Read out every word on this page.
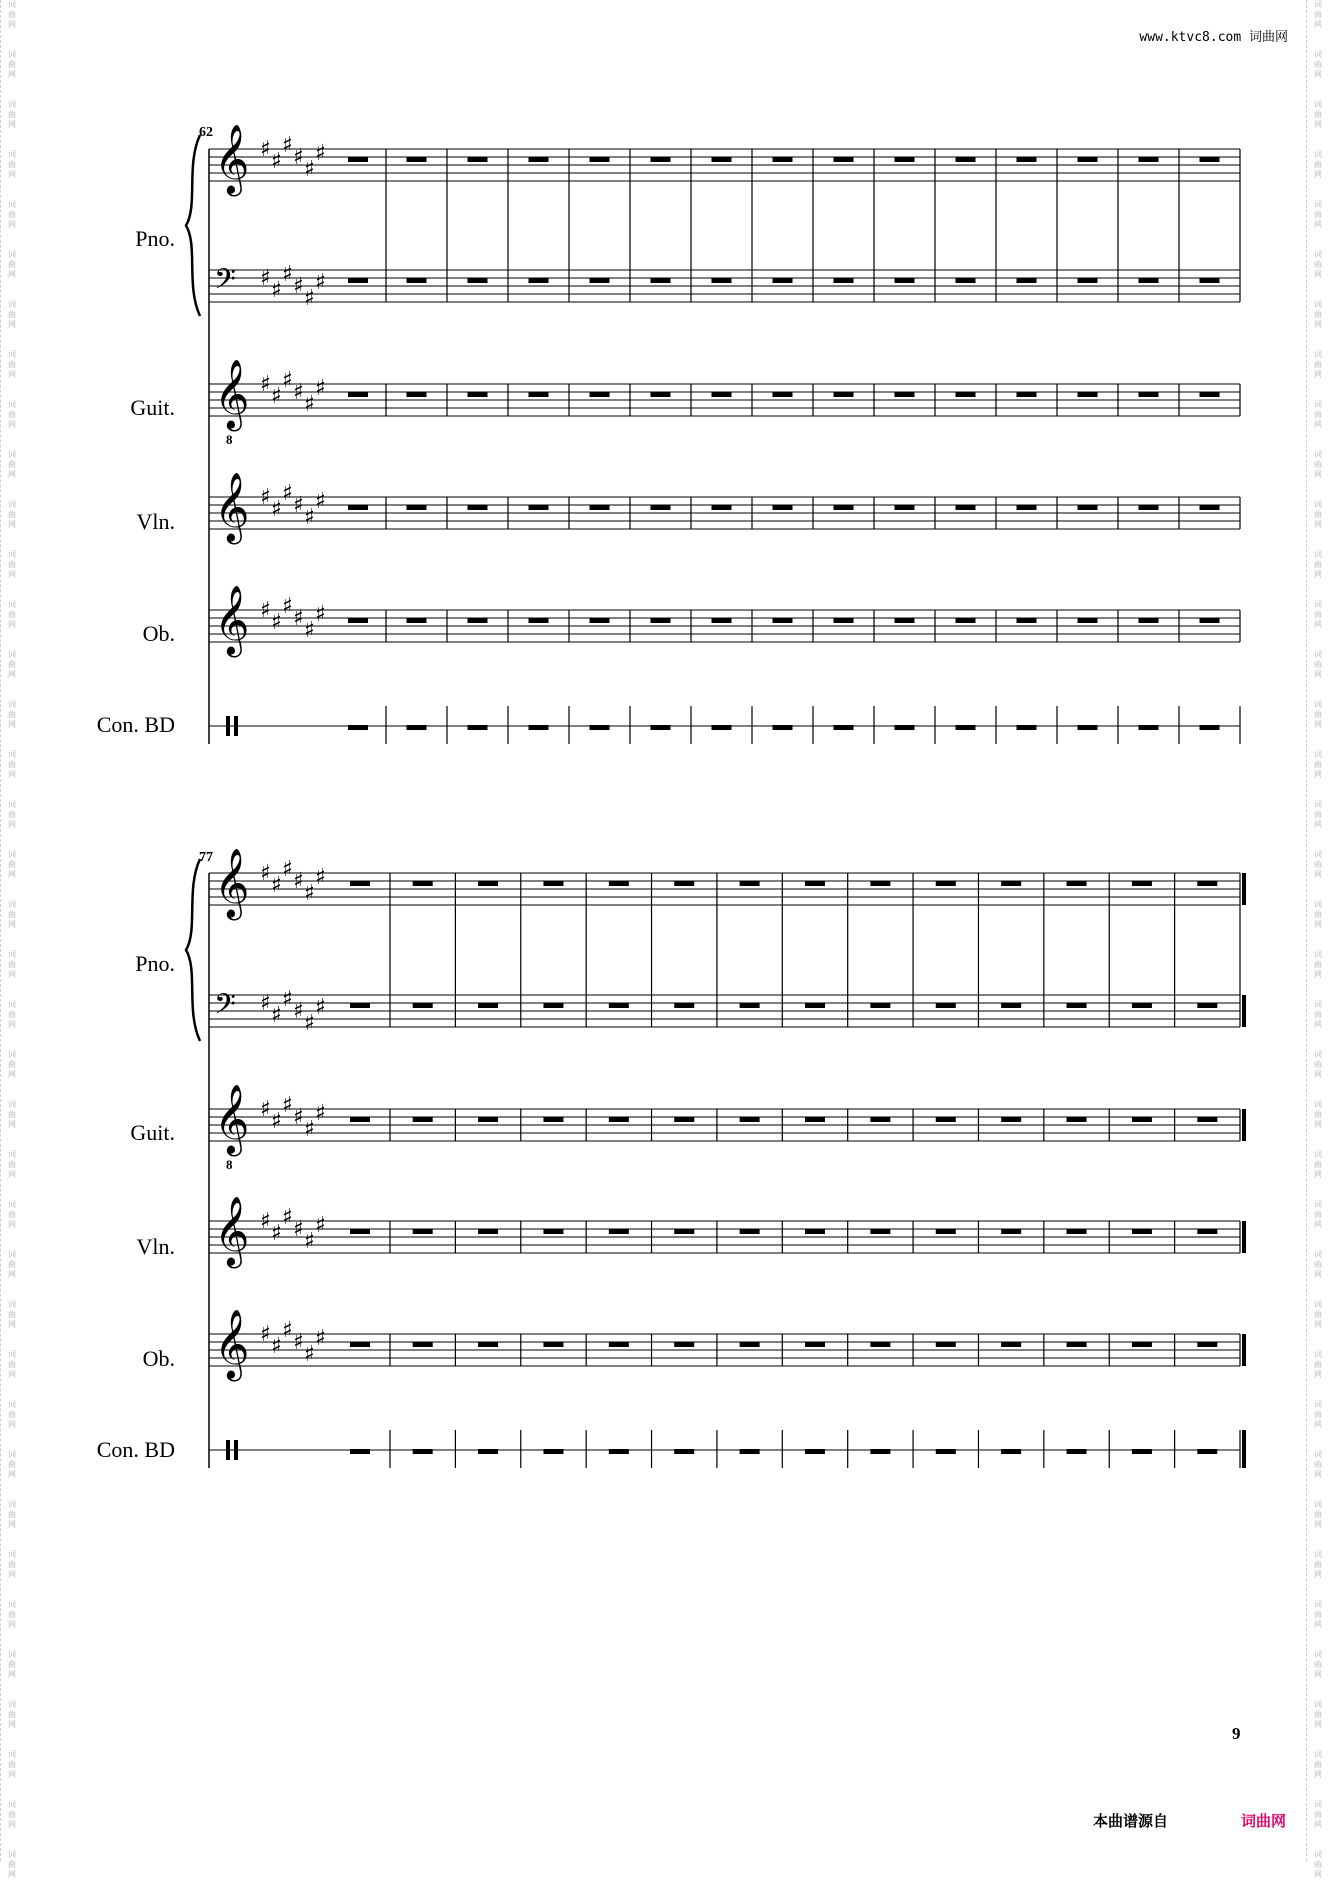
词
曲
网

词
曲
网

词
曲
网

词
曲
网

词
曲
网

词
曲
网

词
曲
网

词
曲
网

词
曲
网

词
曲
网

词
曲
网

词
曲
网

词
曲
网

词
曲
网

词
曲
网

词
曲
网

词
曲
网

词
曲
网

词
曲
网

词
曲
网

词
曲
网

词
曲
网

词
曲
网

词
曲
网

词
曲
网

词
曲
网

词
曲
网

词
曲
网

词
曲
网

词
曲
网

词
曲
网

词
曲
网

词
曲
网

词
曲
网

词
曲
网

词
曲
网

词
曲
网

词
曲
网

词
曲
网

词
曲
网

词
曲
网

词
曲
网

词
曲
网

词
曲
网

词
曲
网

词
曲
网

词
曲
网

词
曲
网

词
曲
网

词
曲
网

词
曲
网

词
曲
网

词
曲
网

词
曲
网

词
曲
网

词
曲
网

词
曲
网

词
曲
网

词
曲
网

词
曲
网

词
曲
网

词
曲
网

词
曲
网

词
曲
网

词
曲
网

词
曲
网

词
曲
网

词
曲
网

词
曲
网

词
曲
网

词
曲
网

词
曲
网

词
曲
网

词
曲
网

词
曲
网

词
曲
网

www.ktvc8.com 词曲网
62
Pno.
Guit.
Vln.
Ob.
Con. BD
𝄞 ♯ ♯
♯ ♯ ♯
♯
𝄢 ♯ ♯
♯ ♯ ♯
♯
𝄞
8
♯ ♯
♯ ♯ ♯
♯
𝄞 ♯ ♯
♯ ♯ ♯
♯
𝄞 ♯ ♯
♯ ♯ ♯
♯
77
Pno.
Guit.
Vln.
Ob.
Con. BD
𝄞 ♯ ♯
♯ ♯ ♯
♯
𝄢 ♯ ♯
♯ ♯ ♯
♯
𝄞
8
♯ ♯
♯ ♯ ♯
♯
𝄞 ♯ ♯
♯ ♯ ♯
♯
𝄞 ♯ ♯
♯ ♯ ♯
♯
9
本曲谱源自	词曲网
